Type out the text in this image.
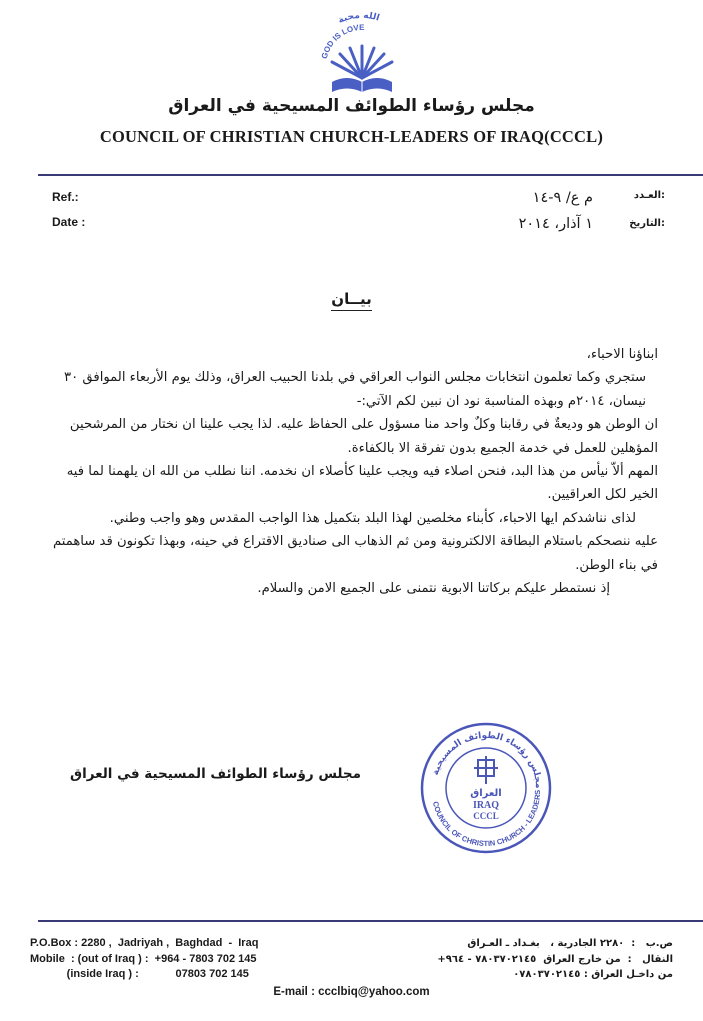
GOD IS LOVE
الله محبة
مجلس رؤساء الطوائف المسيحية في العراق
COUNCIL OF CHRISTIAN CHURCH-LEADERS OF IRAQ(CCCL)
Ref.:
Date :
:العـدد
:التاريخ
م ع/ ٩-١٤
١ آذار، ٢٠١٤
بيــان

ابناؤنا الاحباء،

ستجري وكما تعلمون انتخابات مجلس النواب العراقي في بلدنا الحبيب العراق، وذلك يوم الأربعاء الموافق ٣٠ نيسان، ٢٠١٤م وبهذه المناسبة نود ان نبين لكم الآتي:-

ان الوطن هو وديعةٌ في رقابنا وكلٌ واحد منا مسؤول على الحفاظ عليه. لذا يجب علينا ان نختار من المرشحين المؤهلين للعمل في خدمة الجميع بدون تفرقة الا بالكفاءة.

المهم ألاّ نيأس من هذا البد، فنحن اصلاء فيه ويجب علينا كأصلاء ان نخدمه. اننا نطلب من الله ان يلهمنا لما فيه الخير لكل العراقيين.

لذاى نناشدكم ايها الاحباء، كأبناء مخلصين لهذا البلد بتكميل هذا الواجب المقدس وهو واجب وطني.

عليه ننصحكم باستلام البطاقة الالكترونية ومن ثم الذهاب الى صناديق الاقتراع في حينه، وبهذا تكونون قد ساهمتم في بناء الوطن.

إذ نستمطر عليكم بركاتنا الابوية نتمنى على الجميع الامن والسلام.

مجلس رؤساء الطوائف المسيحية في العراق	مجلس رؤساء الطوائف المسيحية
COUNCIL OF CHRISTIN CHURCH - LEADERS
العراق
IRAQ
CCCL
P.O.Box : 2280 ,  Jadriyah ,  Baghdad  -  Iraq
Mobile  : (out of Iraq ) :  +964 - 7803 702 145
(inside Iraq ) :            07803 702 145
ص.ب   :  ٢٢٨٠ الجادرية ،   بغـداد ـ العـراق
النقال   :  من خارج العراق  ٧٨٠٣٧٠٢١٤٥ - ٩٦٤+
من داخـل العراق : ٠٧٨٠٣٧٠٢١٤٥
E-mail : ccclbiq@yahoo.com
